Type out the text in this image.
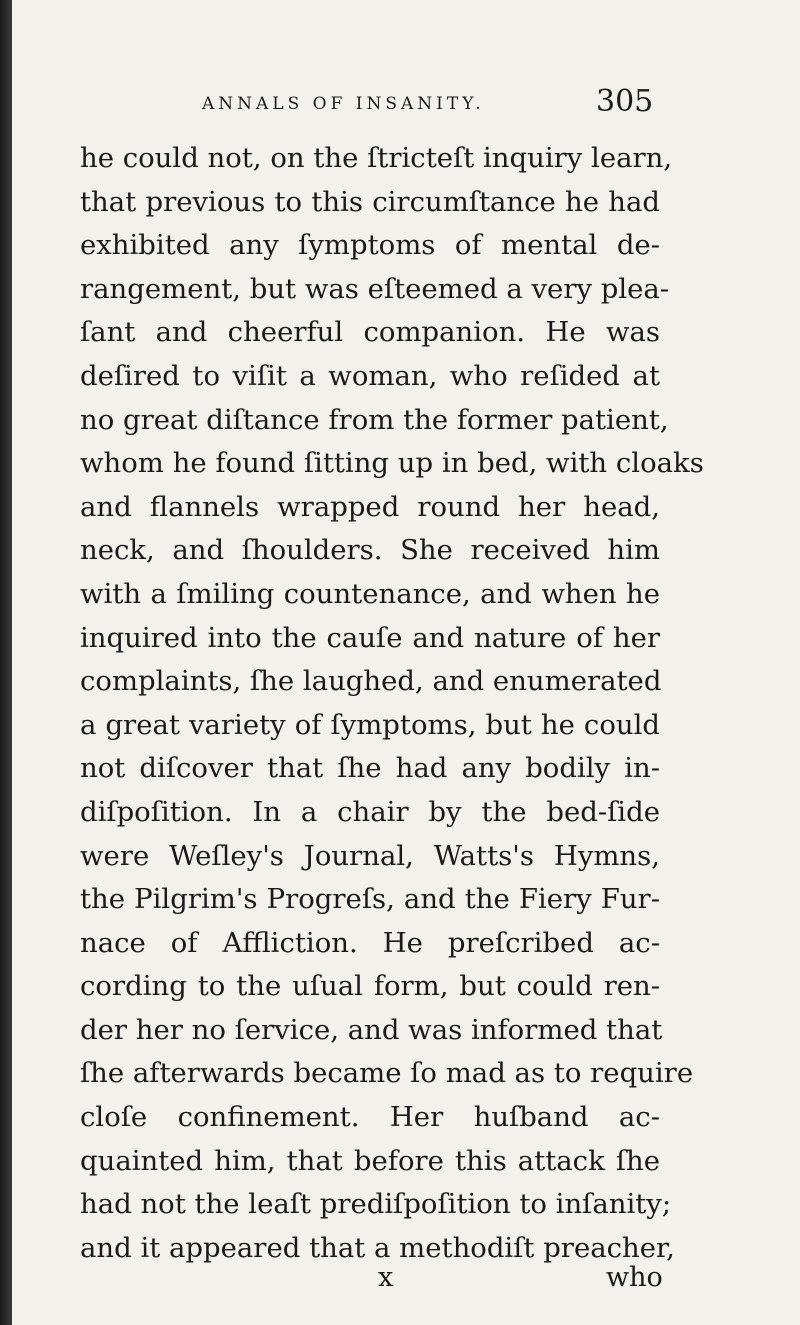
ANNALS OF INSANITY.	305
he could not, on the ſtricteſt inquiry learn,
that previous to this circumſtance he had
exhibited any ſymptoms of mental de-
rangement, but was eſteemed a very plea-
ſant and cheerful companion. He was
deſired to viſit a woman, who reſided at
no great diſtance from the former patient,
whom he found ſitting up in bed, with cloaks
and flannels wrapped round her head,
neck, and ſhoulders. She received him
with a ſmiling countenance, and when he
inquired into the cauſe and nature of her
complaints, ſhe laughed, and enumerated
a great variety of ſymptoms, but he could
not diſcover that ſhe had any bodily in-
diſpoſition. In a chair by the bed-ſide
were Weſley's Journal, Watts's Hymns,
the Pilgrim's Progreſs, and the Fiery Fur-
nace of Affliction. He preſcribed ac-
cording to the uſual form, but could ren-
der her no ſervice, and was informed that
ſhe afterwards became ſo mad as to require
cloſe confinement. Her huſband ac-
quainted him, that before this attack ſhe
had not the leaſt prediſpoſition to inſanity;
and it appeared that a methodiſt preacher,
x	who
